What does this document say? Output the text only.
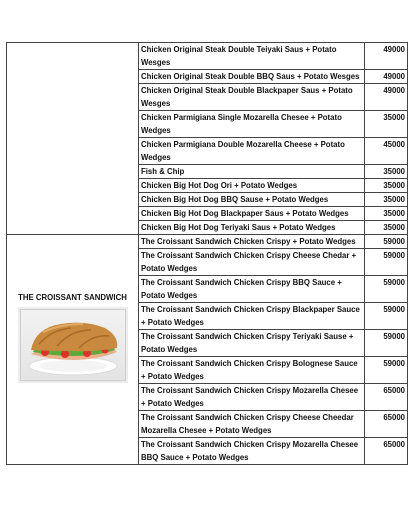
	Chicken Original Steak Double Teiyaki Saus + Potato Wesges	49000
	Chicken Original Steak Double BBQ Saus + Potato Wesges	49000
	Chicken Original Steak Double Blackpaper Saus + Potato Wesges	49000
	Chicken Parmigiana Single Mozarella Chesee + Potato Wedges	35000
	Chicken Parmigiana Double Mozarella Cheese + Potato Wedges	45000
	Fish & Chip	35000
	Chicken Big Hot Dog Ori + Potato Wedges	35000
	Chicken Big Hot Dog BBQ Sause + Potato Wedges	35000
	Chicken Big Hot Dog Blackpaper Saus + Potato Wedges	35000
	Chicken Big Hot Dog Teriyaki Saus + Potato Wedges	35000

THE CROISSANT SANDWICH	The Croissant Sandwich Chicken Crispy + Potato Wedges	59000
	The Croissant Sandwich Chicken Crispy Cheese Chedar + Potato Wedges	59000
	The Croissant Sandwich Chicken Crispy BBQ Sauce + Potato Wedges	59000
	The Croissant Sandwich Chicken Crispy Blackpaper Sauce + Potato Wedges	59000
	The Croissant Sandwich Chicken Crispy Teriyaki Sause + Potato Wedges	59000
	The Croissant Sandwich Chicken Crispy Bolognese Sauce + Potato Wedges	59000
	The Croissant Sandwich Chicken Crispy Mozarella Chesee + Potato Wedges	65000
	The Croissant Sandwich Chicken Crispy Cheese Cheedar Mozarella Chesee + Potato Wedges	65000
	The Croissant Sandwich Chicken Crispy Mozarella Chesee BBQ Sauce + Potato Wedges	65000
